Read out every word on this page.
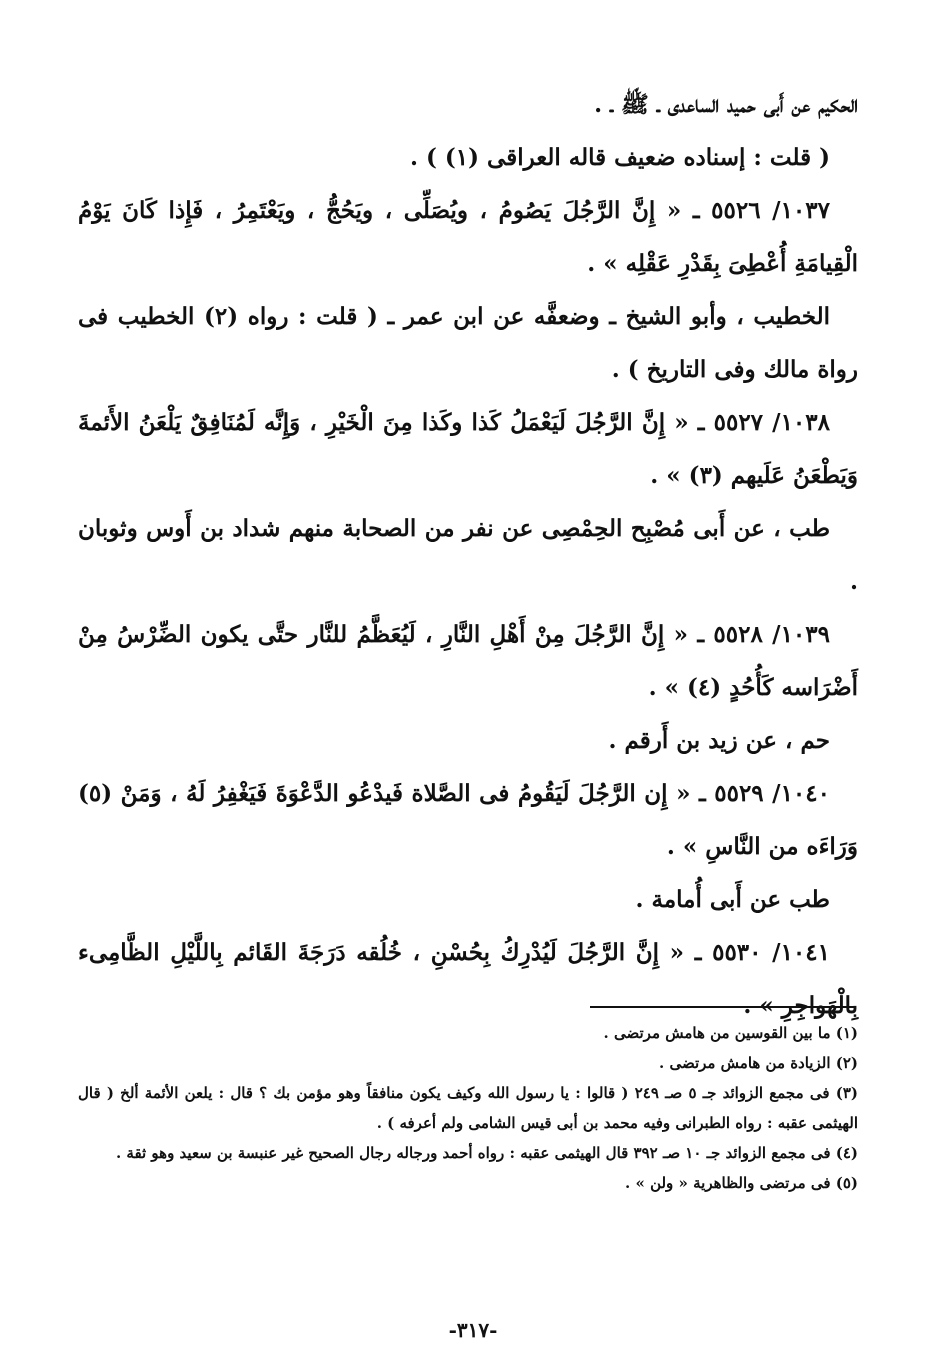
الحكيم عن أَبى حميد الساعدى ـ ﷺ ـ .

( قلت : إسناده ضعيف قاله العراقى (١) ) .

١٠٣٧/ ٥٥٢٦ ـ « إِنَّ الرَّجُلَ يَصُومُ ، ويُصَلِّى ، ويَحُجُّ ، ويَعْتَمِرُ ، فَإِذا كَانَ يَوْمُ الْقِيامَةِ أُعْطِىَ بِقَدْرِ عَقْلِه » .

الخطيب ، وأبو الشيخ ـ وضعفَّه عن ابن عمر ـ ( قلت : رواه (٢) الخطيب فى رواة مالك وفى التاريخ ) .

١٠٣٨/ ٥٥٢٧ ـ « إِنَّ الرَّجُلَ لَيَعْمَلُ كَذا وكَذا مِنَ الْخَيْرِ ، وَإِنَّه لَمُنَافِقٌ يَلْعَنُ الأَئمةَ وَيَطْعَنُ عَلَيهم (٣) » .

طب ، عن أَبى مُصْبِح الحِمْصِى عن نفر من الصحابة منهم شداد بن أَوس وثوبان .

١٠٣٩/ ٥٥٢٨ ـ « إِنَّ الرَّجُلَ مِنْ أَهْلِ النَّارِ ، لَيُعَظَّمُ للنَّار حتَّى يكون الضِّرْسُ مِنْ أَضْرَاسه كَأُحُدٍ (٤) » .

حم ، عن زيد بن أَرقم .

١٠٤٠/ ٥٥٢٩ ـ « إِن الرَّجُلَ لَيَقُومُ فى الصَّلاة فَيدْعُو الدَّعْوَةَ فَيَغْفِرُ لَهُ ، وَمَنْ (٥) وَرَاءَه من النَّاسِ » .

طب عن أَبى أُمامة .

١٠٤١/ ٥٥٣٠ ـ « إِنَّ الرَّجُلَ لَيُدْرِكُ بِحُسْنِ ، خُلُقه دَرَجَةَ القَائم بِاللَّيْلِ الظَّامِىء بِالْهَواجِرِ » .

(١) ما بين القوسين من هامش مرتضى .

(٢) الزيادة من هامش مرتضى .

(٣) فى مجمع الزوائد جـ ٥ صـ ٢٤٩ ( قالوا : يا رسول الله وكيف يكون منافقاً وهو مؤمن بك ؟ قال : يلعن الأئمة ألخ ( قال الهيثمى عقبه : رواه الطبرانى وفيه محمد بن أبى قيس الشامى ولم أعرفه ) .

(٤) فى مجمع الزوائد جـ ١٠ صـ ٣٩٢ قال الهيثمى عقبه : رواه أحمد ورجاله رجال الصحيح غير عنبسة بن سعيد وهو ثقة .

(٥) فى مرتضى والظاهرية « ولن » .

-٣١٧-
